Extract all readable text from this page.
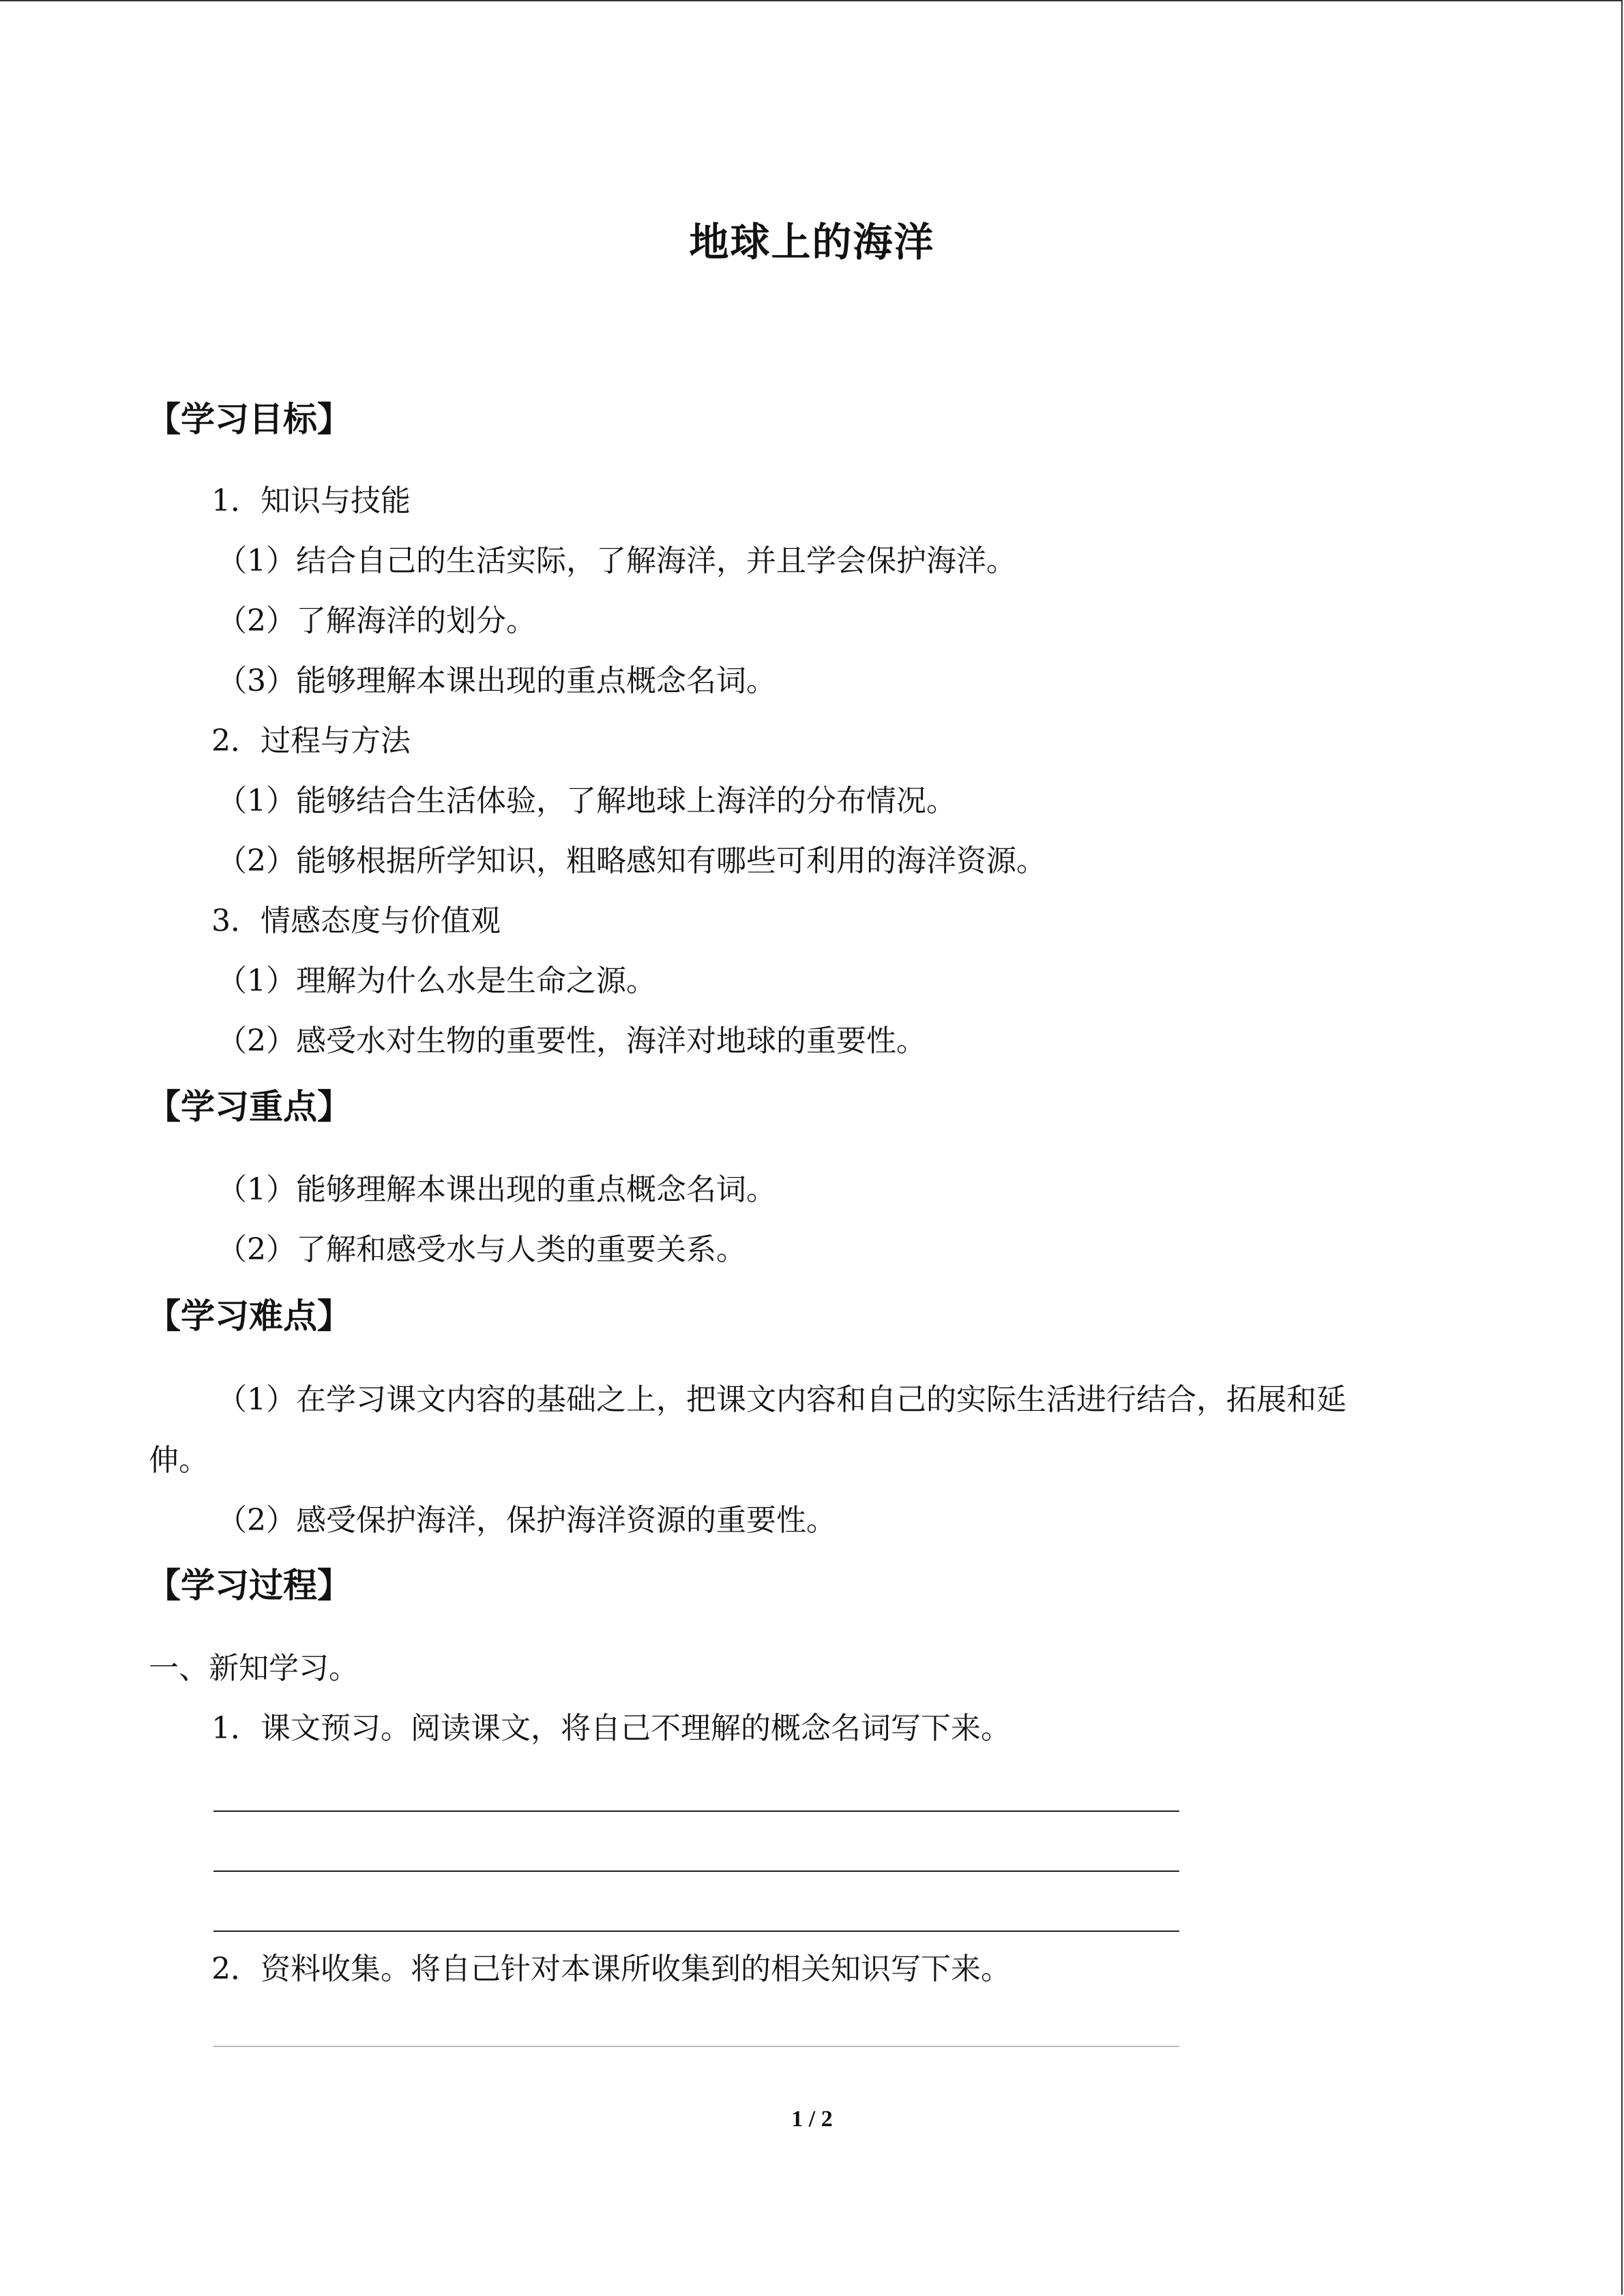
地球上的海洋
【学习目标】
1．知识与技能
（1）结合自己的生活实际，了解海洋，并且学会保护海洋。
（2）了解海洋的划分。
（3）能够理解本课出现的重点概念名词。
2．过程与方法
（1）能够结合生活体验，了解地球上海洋的分布情况。
（2）能够根据所学知识，粗略感知有哪些可利用的海洋资源。
3．情感态度与价值观
（1）理解为什么水是生命之源。
（2）感受水对生物的重要性，海洋对地球的重要性。
【学习重点】
（1）能够理解本课出现的重点概念名词。
（2）了解和感受水与人类的重要关系。
【学习难点】
（1）在学习课文内容的基础之上，把课文内容和自己的实际生活进行结合，拓展和延
伸。
（2）感受保护海洋，保护海洋资源的重要性。
【学习过程】
一、新知学习。
1．课文预习。阅读课文，将自己不理解的概念名词写下来。
2．资料收集。将自己针对本课所收集到的相关知识写下来。
1 / 2
